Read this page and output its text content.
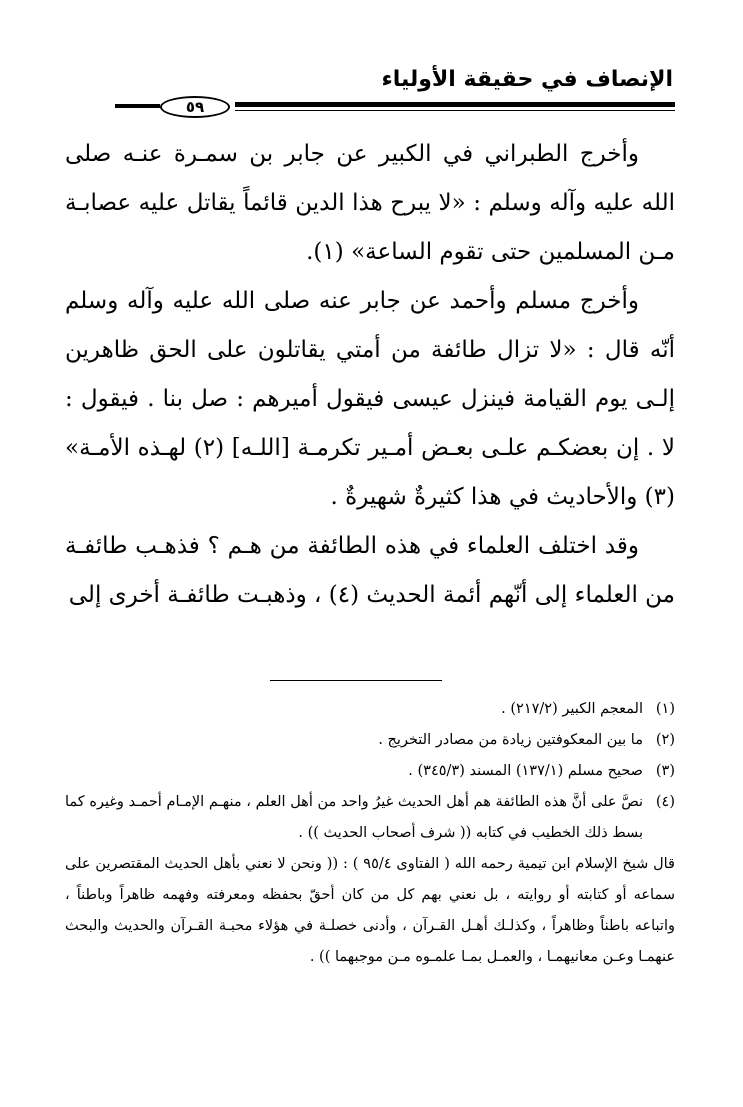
الإنصاف في حقيقة الأولياء
٥٩

وأخرج الطبراني في الكبير عن جابر بن سمـرة عنـه صلى الله عليه وآله وسلم : «لا يبرح هذا الدين قائماً يقاتل عليه عصابـة مـن المسلمين حتى تقوم الساعة» (١).

وأخرج مسلم وأحمد عن جابر عنه صلى الله عليه وآله وسلم أنّه قال : «لا تزال طائفة من أمتي يقاتلون على الحق ظاهرين إلـى يوم القيامة فينزل عيسى فيقول أميرهم : صل بنا . فيقول : لا . إن بعضكـم علـى بعـض أمـير تكرمـة [اللـه] (٢) لهـذه الأمـة» (٣) والأحاديث في هذا كثيرةٌ شهيرةٌ .

وقد اختلف العلماء في هذه الطائفة من هـم ؟ فذهـب طائفـة من العلماء إلى أنّهم أئمة الحديث (٤) ، وذهبـت طائفـة أخرى إلى

(١)
المعجم الكبير (٢١٧/٢) .
(٢)
ما بين المعكوفتين زيادة من مصادر التخريج .
(٣)
صحيح مسلم (١٣٧/١) المسند (٣٤٥/٣) .
(٤)
نصَّ على أنَّ هذه الطائفة هم أهل الحديث غيرُ واحد من أهل العلم ، منهـم الإمـام أحمـد وغيره كما بسط ذلك الخطيب في كتابه (( شرف أصحاب الحديث )) .

قال شيخ الإسلام ابن تيمية رحمه الله ( الفتاوى ٩٥/٤ ) : (( ونحن لا نعني بأهل الحديث المقتصرين على سماعه أو كتابته أو روايته ، بل نعني بهم كل من كان أحقّ بحفظه ومعرفته وفهمه ظاهراً وباطناً ، واتباعه باطناً وظاهراً ، وكذلـك أهـل القـرآن ، وأدنى خصلـة في هؤلاء محبـة القـرآن والحديث والبحث عنهمـا وعـن معانيهمـا ، والعمـل بمـا علمـوه مـن موجبهما )) .
